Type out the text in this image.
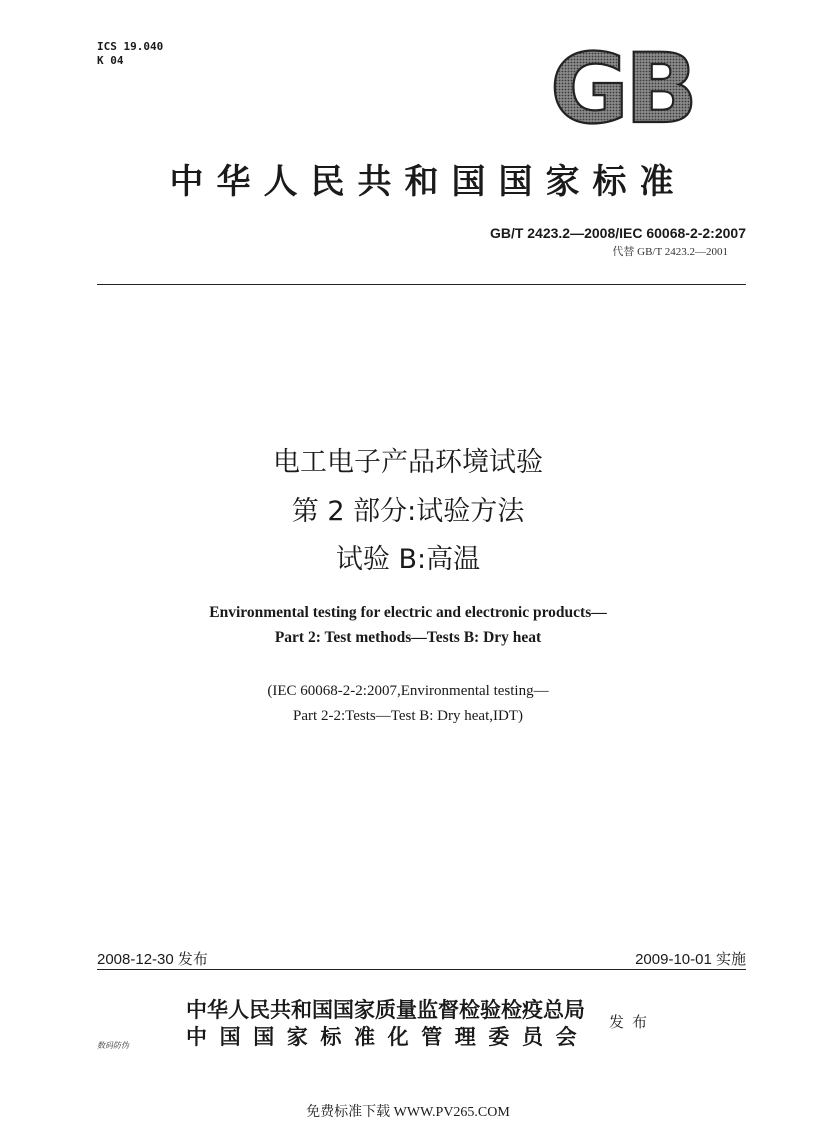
ICS 19.040
K 04	GB
中华人民共和国国家标准
GB/T 2423.2—2008/IEC 60068-2-2:2007
代替 GB/T 2423.2—2001
电工电子产品环境试验
第 2 部分:试验方法
试验 B:高温
Environmental testing for electric and electronic products—
Part 2: Test methods—Tests B: Dry heat
(IEC 60068-2-2:2007,Environmental testing—
Part 2-2:Tests—Test B: Dry heat,IDT)
2008-12-30 发布	2009-10-01 实施
中华人民共和国国家质量监督检验检疫总局
中国国家标准化管理委员会
发布
数码防伪
免费标准下载 WWW.PV265.COM
